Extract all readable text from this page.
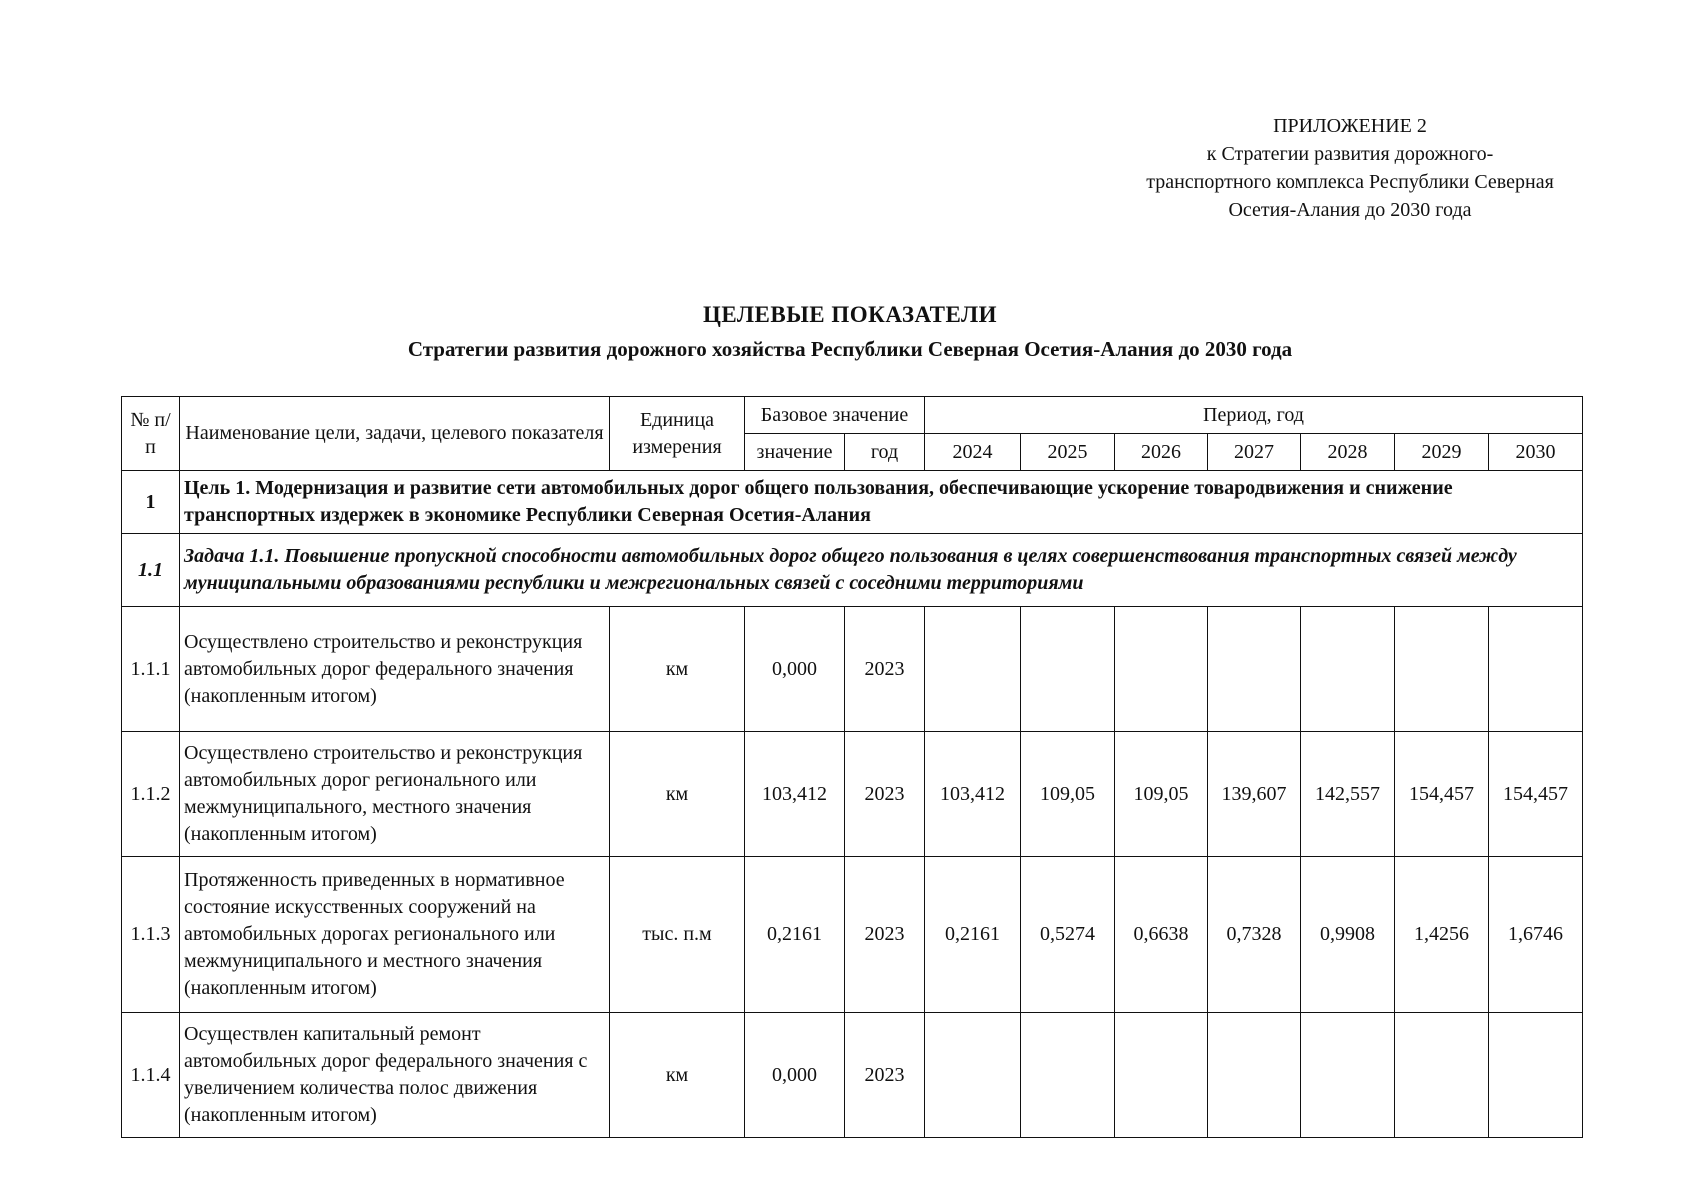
ПРИЛОЖЕНИЕ 2
к Стратегии развития дорожного-
транспортного комплекса Республики Северная
Осетия-Алания до 2030 года
ЦЕЛЕВЫЕ ПОКАЗАТЕЛИ
Стратегии развития дорожного хозяйства Республики Северная Осетия-Алания до 2030 года
№ п/п	Наименование цели, задачи, целевого показателя	Единица измерения	Базовое значение		Период, год						
			значение	год	2024	2025	2026	2027	2028	2029	2030
1	Цель 1. Модернизация и развитие сети автомобильных дорог общего пользования, обеспечивающие ускорение товародвижения и снижение транспортных издержек в экономике Республики Северная Осетия-Алания										
1.1	Задача 1.1. Повышение пропускной способности автомобильных дорог общего пользования в целях совершенствования транспортных связей между муниципальными образованиями республики и межрегиональных связей с соседними территориями										
1.1.1	Осуществлено строительство и реконструкция автомобильных дорог федерального значения (накопленным итогом)	км	0,000	2023							
1.1.2	Осуществлено строительство и реконструкция автомобильных дорог регионального или межмуниципального, местного значения (накопленным итогом)	км	103,412	2023	103,412	109,05	109,05	139,607	142,557	154,457	154,457
1.1.3	Протяженность приведенных в нормативное состояние искусственных сооружений на автомобильных дорогах регионального или межмуниципального и местного значения (накопленным итогом)	тыс. п.м	0,2161	2023	0,2161	0,5274	0,6638	0,7328	0,9908	1,4256	1,6746
1.1.4	Осуществлен капитальный ремонт автомобильных дорог федерального значения с увеличением количества полос движения (накопленным итогом)	км	0,000	2023							
